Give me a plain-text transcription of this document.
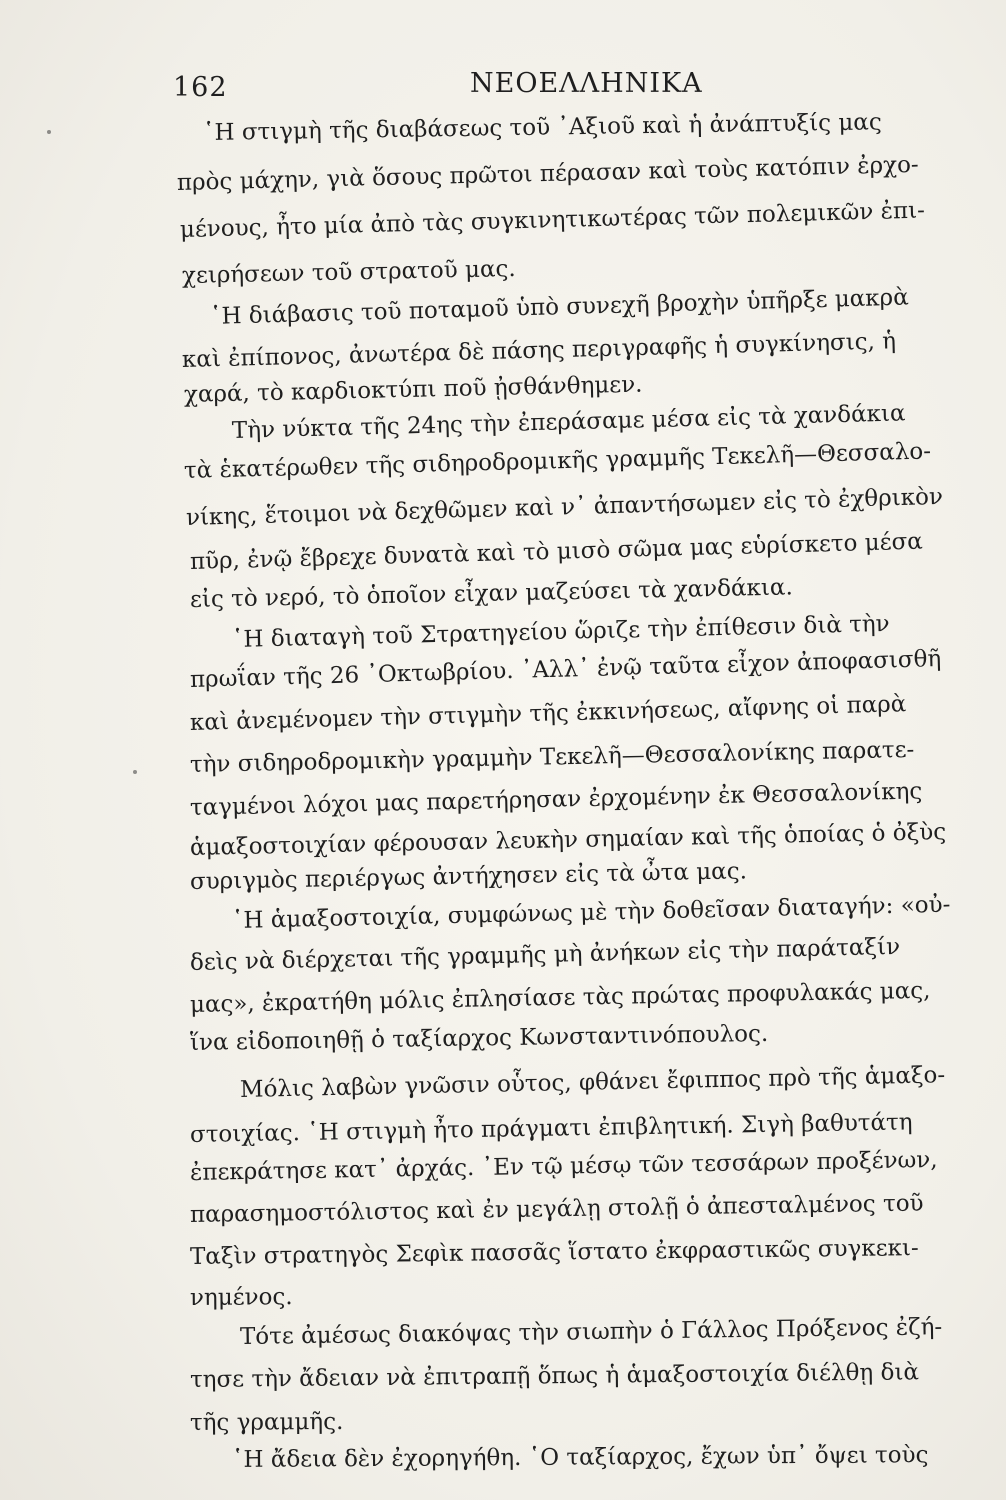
162	ΝΕΟΕΛΛΗΝΙΚΑ
῾Η στιγμὴ τῆς διαβάσεως τοῦ ᾿Αξιοῦ καὶ ἡ ἀνάπτυξίς μας
πρὸς μάχην, γιὰ ὅσους πρῶτοι πέρασαν καὶ τοὺς κατόπιν ἐρχο-
μένους, ἦτο μία ἀπὸ τὰς συγκινητικωτέρας τῶν πολεμικῶν ἐπι-
χειρήσεων τοῦ στρατοῦ μας.
῾Η διάβασις τοῦ ποταμοῦ ὑπὸ συνεχῆ βροχὴν ὑπῆρξε μακρὰ
καὶ ἐπίπονος, ἀνωτέρα δὲ πάσης περιγραφῆς ἡ συγκίνησις, ἡ
χαρά, τὸ καρδιοκτύπι ποῦ ᾐσθάνθημεν.
Τὴν νύκτα τῆς 24ης τὴν ἐπεράσαμε μέσα εἰς τὰ χανδάκια
τὰ ἑκατέρωθεν τῆς σιδηροδρομικῆς γραμμῆς Τεκελῆ—Θεσσαλο-
νίκης, ἕτοιμοι νὰ δεχθῶμεν καὶ ν᾿ ἀπαντήσωμεν εἰς τὸ ἐχθρικὸν
πῦρ, ἐνῷ ἔβρεχε δυνατὰ καὶ τὸ μισὸ σῶμα μας εὑρίσκετο μέσα
εἰς τὸ νερό, τὸ ὁποῖον εἶχαν μαζεύσει τὰ χανδάκια.
῾Η διαταγὴ τοῦ Στρατηγείου ὥριζε τὴν ἐπίθεσιν διὰ τὴν
πρωΐαν τῆς 26 ᾿Οκτωβρίου. ᾿Αλλ᾿ ἐνῷ ταῦτα εἶχον ἀποφασισθῆ
καὶ ἀνεμένομεν τὴν στιγμὴν τῆς ἐκκινήσεως, αἴφνης οἱ παρὰ
τὴν σιδηροδρομικὴν γραμμὴν Τεκελῆ—Θεσσαλονίκης παρατε-
ταγμένοι λόχοι μας παρετήρησαν ἐρχομένην ἐκ Θεσσαλονίκης
ἁμαξοστοιχίαν φέρουσαν λευκὴν σημαίαν καὶ τῆς ὁποίας ὁ ὀξὺς
συριγμὸς περιέργως ἀντήχησεν εἰς τὰ ὦτα μας.
῾Η ἁμαξοστοιχία, συμφώνως μὲ τὴν δοθεῖσαν διαταγήν: «οὐ-
δεὶς νὰ διέρχεται τῆς γραμμῆς μὴ ἀνήκων εἰς τὴν παράταξίν
μας», ἐκρατήθη μόλις ἐπλησίασε τὰς πρώτας προφυλακάς μας,
ἵνα εἰδοποιηθῇ ὁ ταξίαρχος Κωνσταντινόπουλος.
Μόλις λαβὼν γνῶσιν οὗτος, φθάνει ἔφιππος πρὸ τῆς ἁμαξο-
στοιχίας. ῾Η στιγμὴ ἦτο πράγματι ἐπιβλητική. Σιγὴ βαθυτάτη
ἐπεκράτησε κατ᾿ ἀρχάς. ᾿Εν τῷ μέσῳ τῶν τεσσάρων προξένων,
παρασημοστόλιστος καὶ ἐν μεγάλῃ στολῇ ὁ ἀπεσταλμένος τοῦ
Ταξὶν στρατηγὸς Σεφὶκ πασσᾶς ἵστατο ἐκφραστικῶς συγκεκι-
νημένος.
Τότε ἀμέσως διακόψας τὴν σιωπὴν ὁ Γάλλος Πρόξενος ἐζή-
τησε τὴν ἄδειαν νὰ ἐπιτραπῇ ὅπως ἡ ἁμαξοστοιχία διέλθῃ διὰ
τῆς γραμμῆς.
῾Η ἄδεια δὲν ἐχορηγήθη. ῾Ο ταξίαρχος, ἔχων ὑπ᾿ ὄψει τοὺς
